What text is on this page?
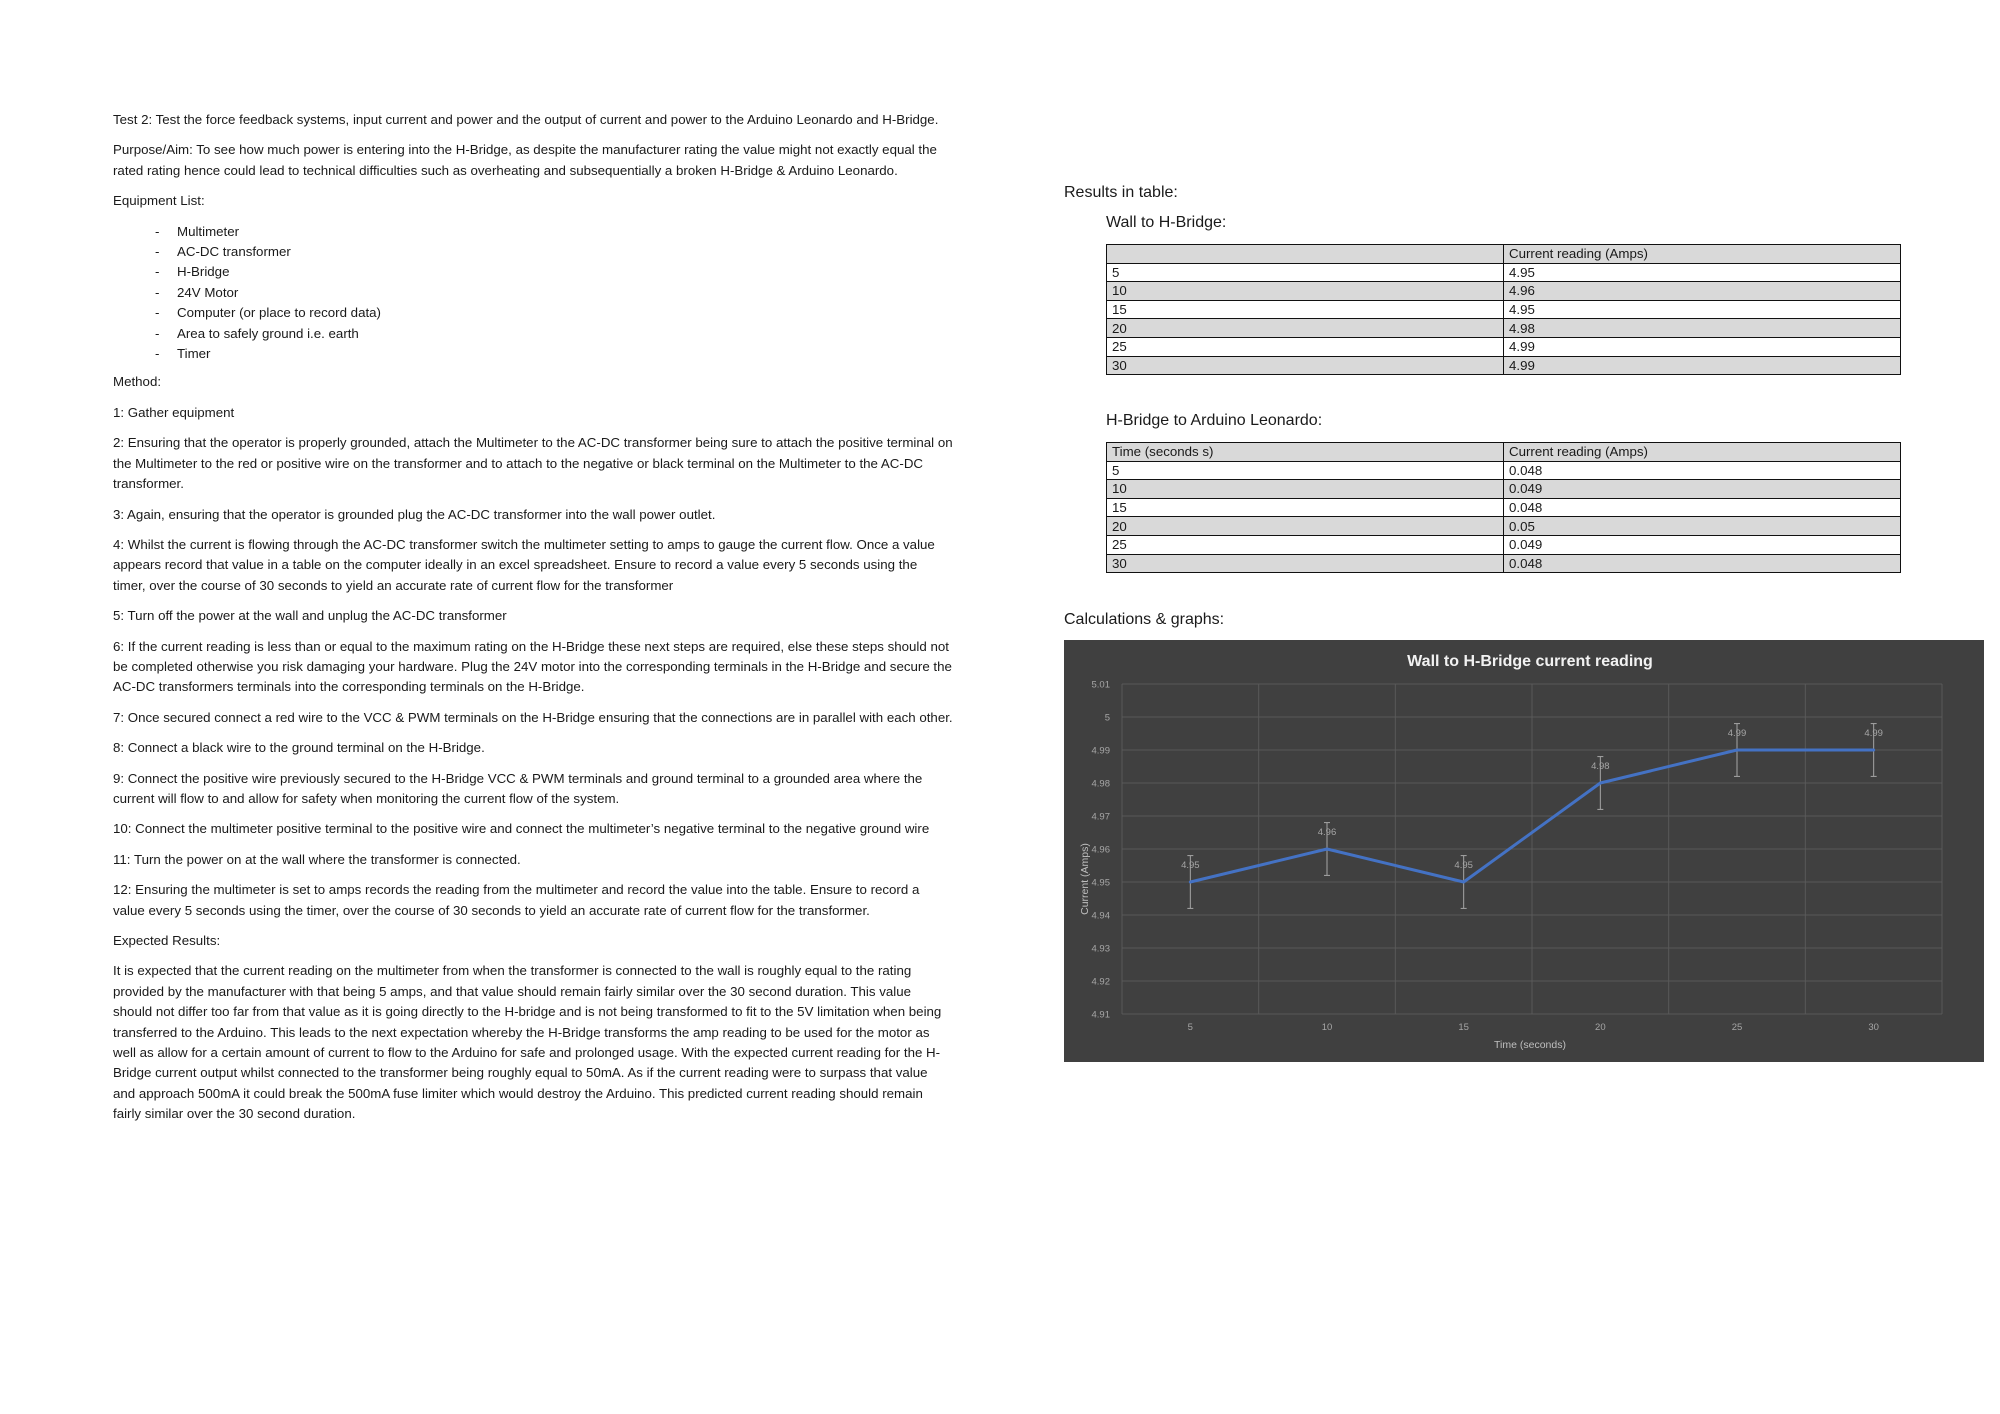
Test 2: Test the force feedback systems, input current and power and the output of current and power to the Arduino Leonardo and H-Bridge.

Purpose/Aim: To see how much power is entering into the H-Bridge, as despite the manufacturer rating the value might not exactly equal the rated rating hence could lead to technical difficulties such as overheating and subsequentially a broken H-Bridge & Arduino Leonardo.

Equipment List:

- Multimeter
- AC-DC transformer
- H-Bridge
- 24V Motor
- Computer (or place to record data)
- Area to safely ground i.e. earth
- Timer

Method:

1: Gather equipment

2: Ensuring that the operator is properly grounded, attach the Multimeter to the AC-DC transformer being sure to attach the positive terminal on the Multimeter to the red or positive wire on the transformer and to attach to the negative or black terminal on the Multimeter to the AC-DC transformer.

3: Again, ensuring that the operator is grounded plug the AC-DC transformer into the wall power outlet.

4: Whilst the current is flowing through the AC-DC transformer switch the multimeter setting to amps to gauge the current flow. Once a value appears record that value in a table on the computer ideally in an excel spreadsheet. Ensure to record a value every 5 seconds using the timer, over the course of 30 seconds to yield an accurate rate of current flow for the transformer

5: Turn off the power at the wall and unplug the AC-DC transformer

6: If the current reading is less than or equal to the maximum rating on the H-Bridge these next steps are required, else these steps should not be completed otherwise you risk damaging your hardware. Plug the 24V motor into the corresponding terminals in the H-Bridge and secure the AC-DC transformers terminals into the corresponding terminals on the H-Bridge.

7: Once secured connect a red wire to the VCC & PWM terminals on the H-Bridge ensuring that the connections are in parallel with each other.

8: Connect a black wire to the ground terminal on the H-Bridge.

9: Connect the positive wire previously secured to the H-Bridge VCC & PWM terminals and ground terminal to a grounded area where the current will flow to and allow for safety when monitoring the current flow of the system.

10: Connect the multimeter positive terminal to the positive wire and connect the multimeter’s negative terminal to the negative ground wire

11: Turn the power on at the wall where the transformer is connected.

12: Ensuring the multimeter is set to amps records the reading from the multimeter and record the value into the table. Ensure to record a value every 5 seconds using the timer, over the course of 30 seconds to yield an accurate rate of current flow for the transformer.

Expected Results:

It is expected that the current reading on the multimeter from when the transformer is connected to the wall is roughly equal to the rating provided by the manufacturer with that being 5 amps, and that value should remain fairly similar over the 30 second duration. This value should not differ too far from that value as it is going directly to the H-bridge and is not being transformed to fit to the 5V limitation when being transferred to the Arduino. This leads to the next expectation whereby the H-Bridge transforms the amp reading to be used for the motor as well as allow for a certain amount of current to flow to the Arduino for safe and prolonged usage. With the expected current reading for the H-Bridge current output whilst connected to the transformer being roughly equal to 50mA. As if the current reading were to surpass that value and approach 500mA it could break the 500mA fuse limiter which would destroy the Arduino. This predicted current reading should remain fairly similar over the 30 second duration.

Results in table:

Wall to H-Bridge:

	Current reading (Amps)
5	4.95
10	4.96
15	4.95
20	4.98
25	4.99
30	4.99

H-Bridge to Arduino Leonardo:

Time (seconds s)	Current reading (Amps)
5	0.048
10	0.049
15	0.048
20	0.05
25	0.049
30	0.048

Calculations & graphs:

Wall to H-Bridge current reading
4.95
4.96
4.95
4.98
4.99	4.99
5.01
5
4.99
4.98
4.97
4.96
4.95
4.94
4.93
4.92
4.91
5	10	15	20	25	30
Time (seconds)
Current (Amps)
